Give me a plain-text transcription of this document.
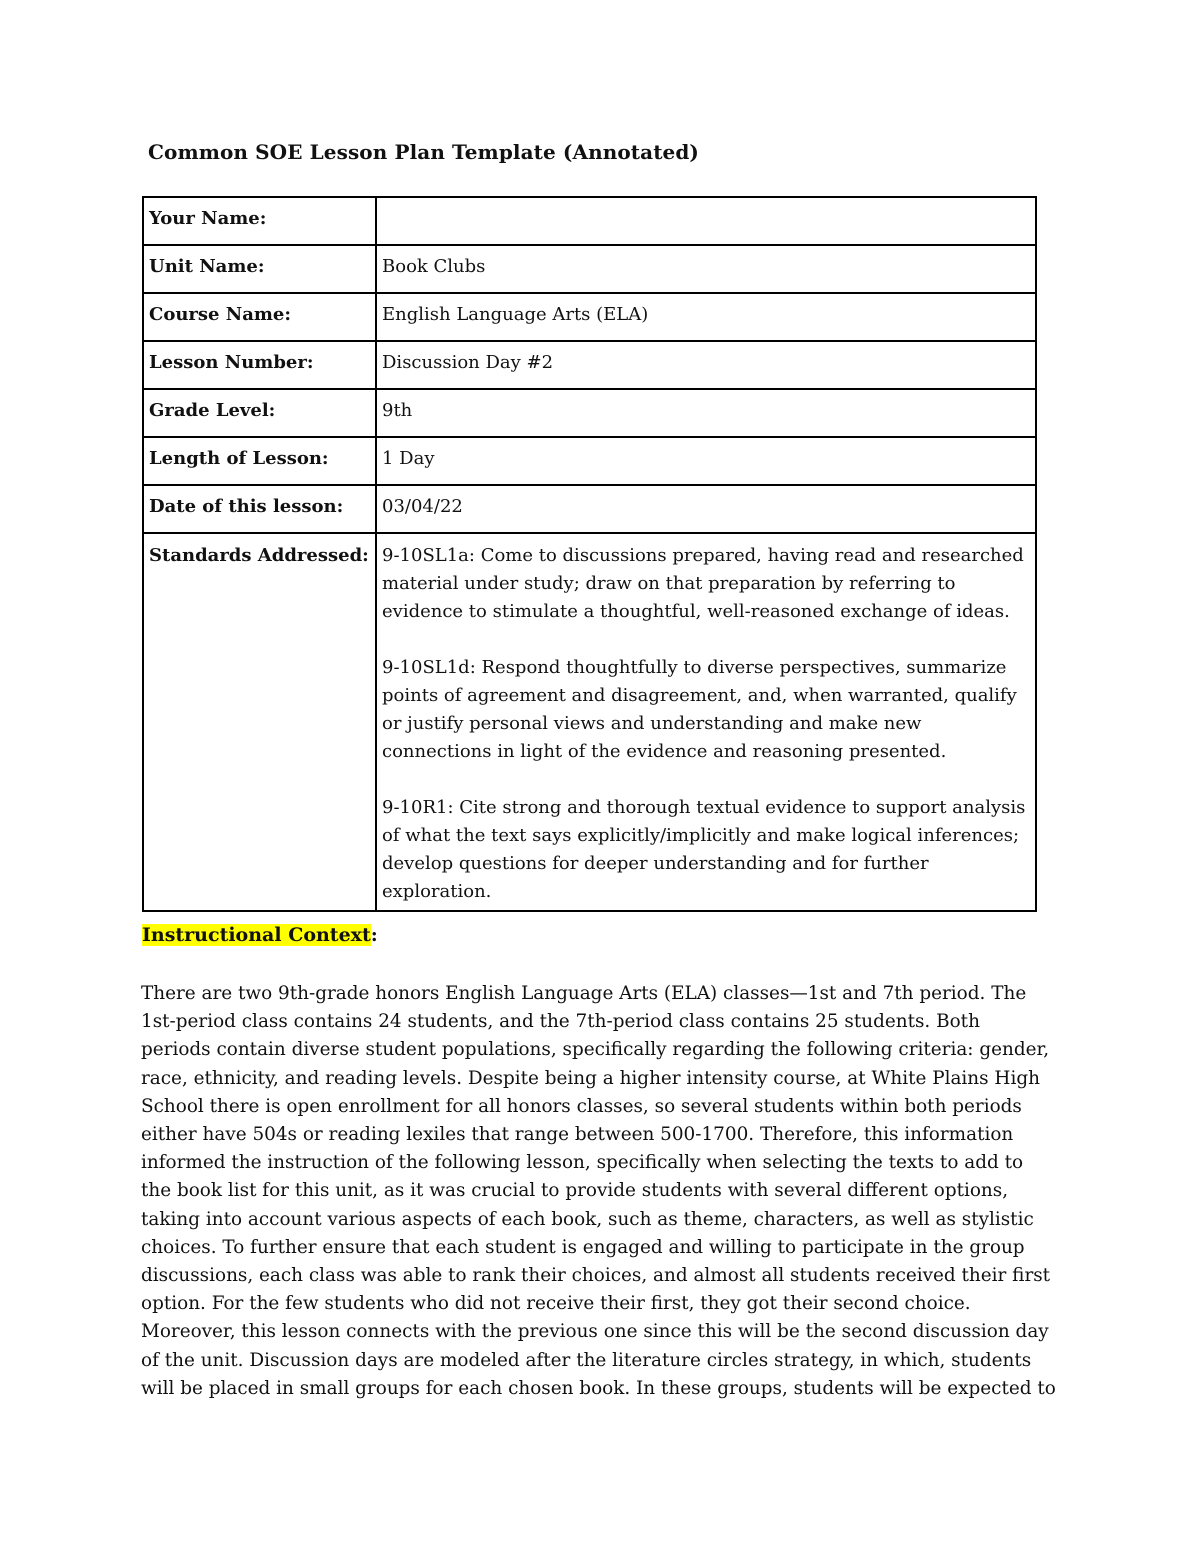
Common SOE Lesson Plan Template (Annotated)
Your Name:	
Unit Name:	Book Clubs
Course Name:	English Language Arts (ELA)
Lesson Number:	Discussion Day #2
Grade Level:	9th
Length of Lesson:	1 Day
Date of this lesson:	03/04/22
Standards Addressed:	9-10SL1a: Come to discussions prepared, having read and researched material under study; draw on that preparation by referring to evidence to stimulate a thoughtful, well-reasoned exchange of ideas.

9-10SL1d: Respond thoughtfully to diverse perspectives, summarize points of agreement and disagreement, and, when warranted, qualify or justify personal views and understanding and make new connections in light of the evidence and reasoning presented.

9-10R1: Cite strong and thorough textual evidence to support analysis of what the text says explicitly/implicitly and make logical inferences; develop questions for deeper understanding and for further exploration.

Instructional Context:
There are two 9th-grade honors English Language Arts (ELA) classes—1st and 7th period. The
1st-period class contains 24 students, and the 7th-period class contains 25 students. Both
periods contain diverse student populations, specifically regarding the following criteria: gender,
race, ethnicity, and reading levels. Despite being a higher intensity course, at White Plains High
School there is open enrollment for all honors classes, so several students within both periods
either have 504s or reading lexiles that range between 500-1700. Therefore, this information
informed the instruction of the following lesson, specifically when selecting the texts to add to
the book list for this unit, as it was crucial to provide students with several different options,
taking into account various aspects of each book, such as theme, characters, as well as stylistic
choices. To further ensure that each student is engaged and willing to participate in the group
discussions, each class was able to rank their choices, and almost all students received their first
option. For the few students who did not receive their first, they got their second choice.
Moreover, this lesson connects with the previous one since this will be the second discussion day
of the unit. Discussion days are modeled after the literature circles strategy, in which, students
will be placed in small groups for each chosen book. In these groups, students will be expected to
